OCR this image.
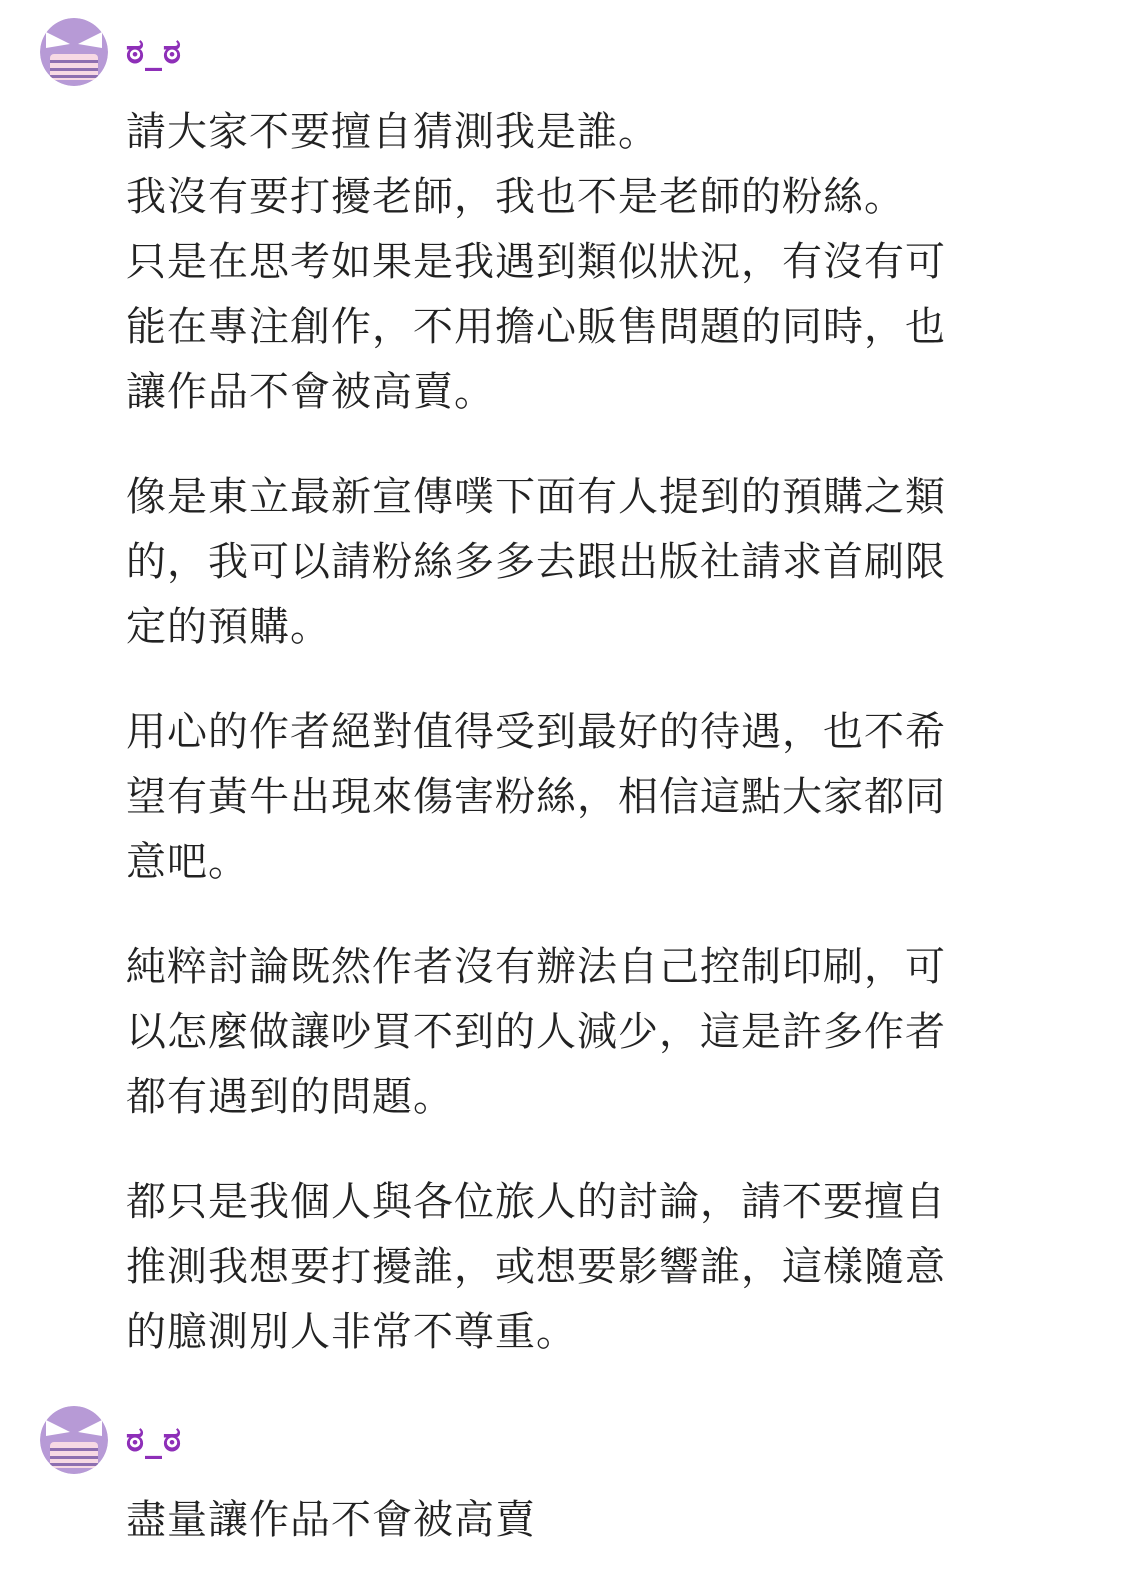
ಠ_ಠ

請大家不要擅自猜測我是誰。
我沒有要打擾老師，我也不是老師的粉絲。
只是在思考如果是我遇到類似狀況，有沒有可
能在專注創作，不用擔心販售問題的同時，也
讓作品不會被高賣。

像是東立最新宣傳噗下面有人提到的預購之類
的，我可以請粉絲多多去跟出版社請求首刷限
定的預購。

用心的作者絕對值得受到最好的待遇，也不希
望有黃牛出現來傷害粉絲，相信這點大家都同
意吧。

純粹討論既然作者沒有辦法自己控制印刷，可
以怎麼做讓吵買不到的人減少，這是許多作者
都有遇到的問題。

都只是我個人與各位旅人的討論，請不要擅自
推測我想要打擾誰，或想要影響誰，這樣隨意
的臆測別人非常不尊重。

ಠ_ಠ

盡量讓作品不會被高賣
